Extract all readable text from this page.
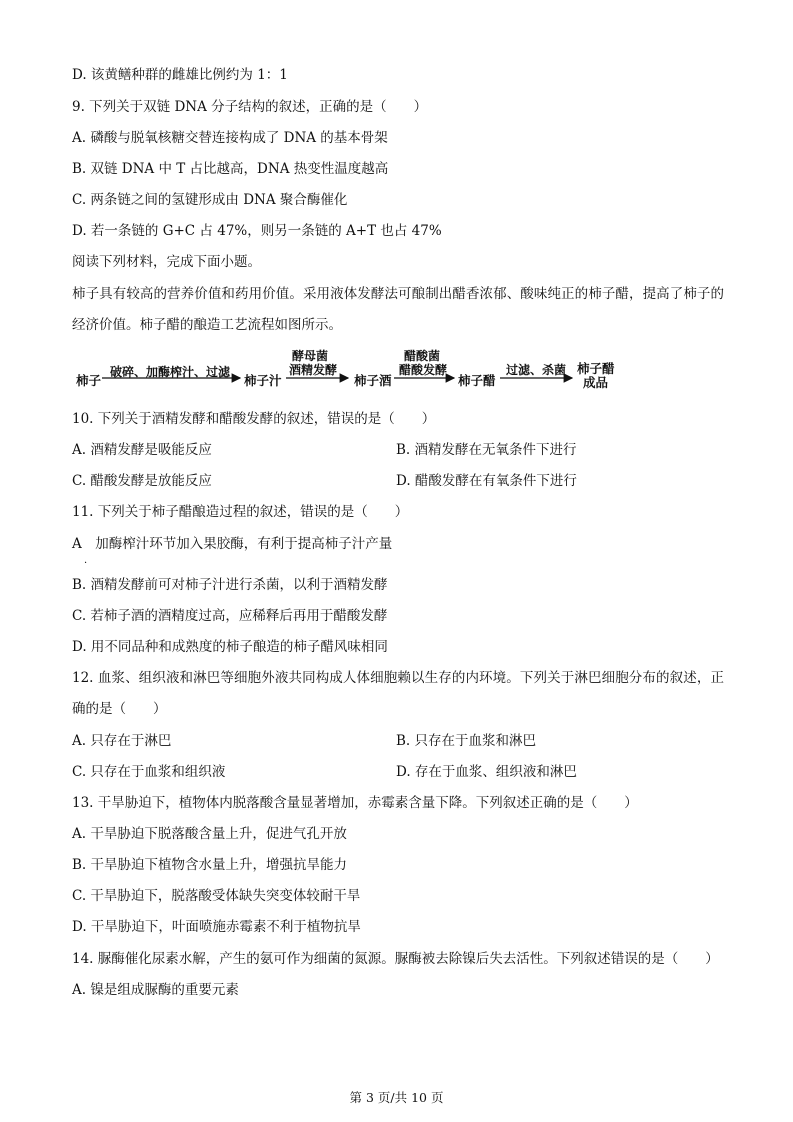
D. 该黄鳝种群的雌雄比例约为 1：1
9. 下列关于双链 DNA 分子结构的叙述，正确的是（　　）
A. 磷酸与脱氧核糖交替连接构成了 DNA 的基本骨架
B. 双链 DNA 中 T 占比越高，DNA 热变性温度越高
C. 两条链之间的氢键形成由 DNA 聚合酶催化
D. 若一条链的 G+C 占 47%，则另一条链的 A+T 也占 47%
阅读下列材料，完成下面小题。
柿子具有较高的营养价值和药用价值。采用液体发酵法可酿制出醋香浓郁、酸味纯正的柿子醋，提高了柿子的经济价值。柿子醋的酿造工艺流程如图所示。
柿子
破碎、加酶榨汁、过滤
柿子汁
酵母菌
酒精发酵
柿子酒
醋酸菌
醋酸发酵
柿子醋
过滤、杀菌 柿子醋
成品
10. 下列关于酒精发酵和醋酸发酵的叙述，错误的是（　　）
A. 酒精发酵是吸能反应	B. 酒精发酵在无氧条件下进行
C. 醋酸发酵是放能反应	D. 醋酸发酵在有氧条件下进行
11. 下列关于柿子醋酿造过程的叙述，错误的是（　　）
A　加酶榨汁环节加入果胶酶，有利于提高柿子汁产量
·
B. 酒精发酵前可对柿子汁进行杀菌，以利于酒精发酵
C. 若柿子酒的酒精度过高，应稀释后再用于醋酸发酵
D. 用不同品种和成熟度的柿子酿造的柿子醋风味相同
12. 血浆、组织液和淋巴等细胞外液共同构成人体细胞赖以生存的内环境。下列关于淋巴细胞分布的叙述，正确的是（　　）
A. 只存在于淋巴	B. 只存在于血浆和淋巴
C. 只存在于血浆和组织液	D. 存在于血浆、组织液和淋巴
13. 干旱胁迫下，植物体内脱落酸含量显著增加，赤霉素含量下降。下列叙述正确的是（　　）
A. 干旱胁迫下脱落酸含量上升，促进气孔开放
B. 干旱胁迫下植物含水量上升，增强抗旱能力
C. 干旱胁迫下，脱落酸受体缺失突变体较耐干旱
D. 干旱胁迫下，叶面喷施赤霉素不利于植物抗旱
14. 脲酶催化尿素水解，产生的氨可作为细菌的氮源。脲酶被去除镍后失去活性。下列叙述错误的是（　　）
A. 镍是组成脲酶的重要元素
第 3 页/共 10 页
